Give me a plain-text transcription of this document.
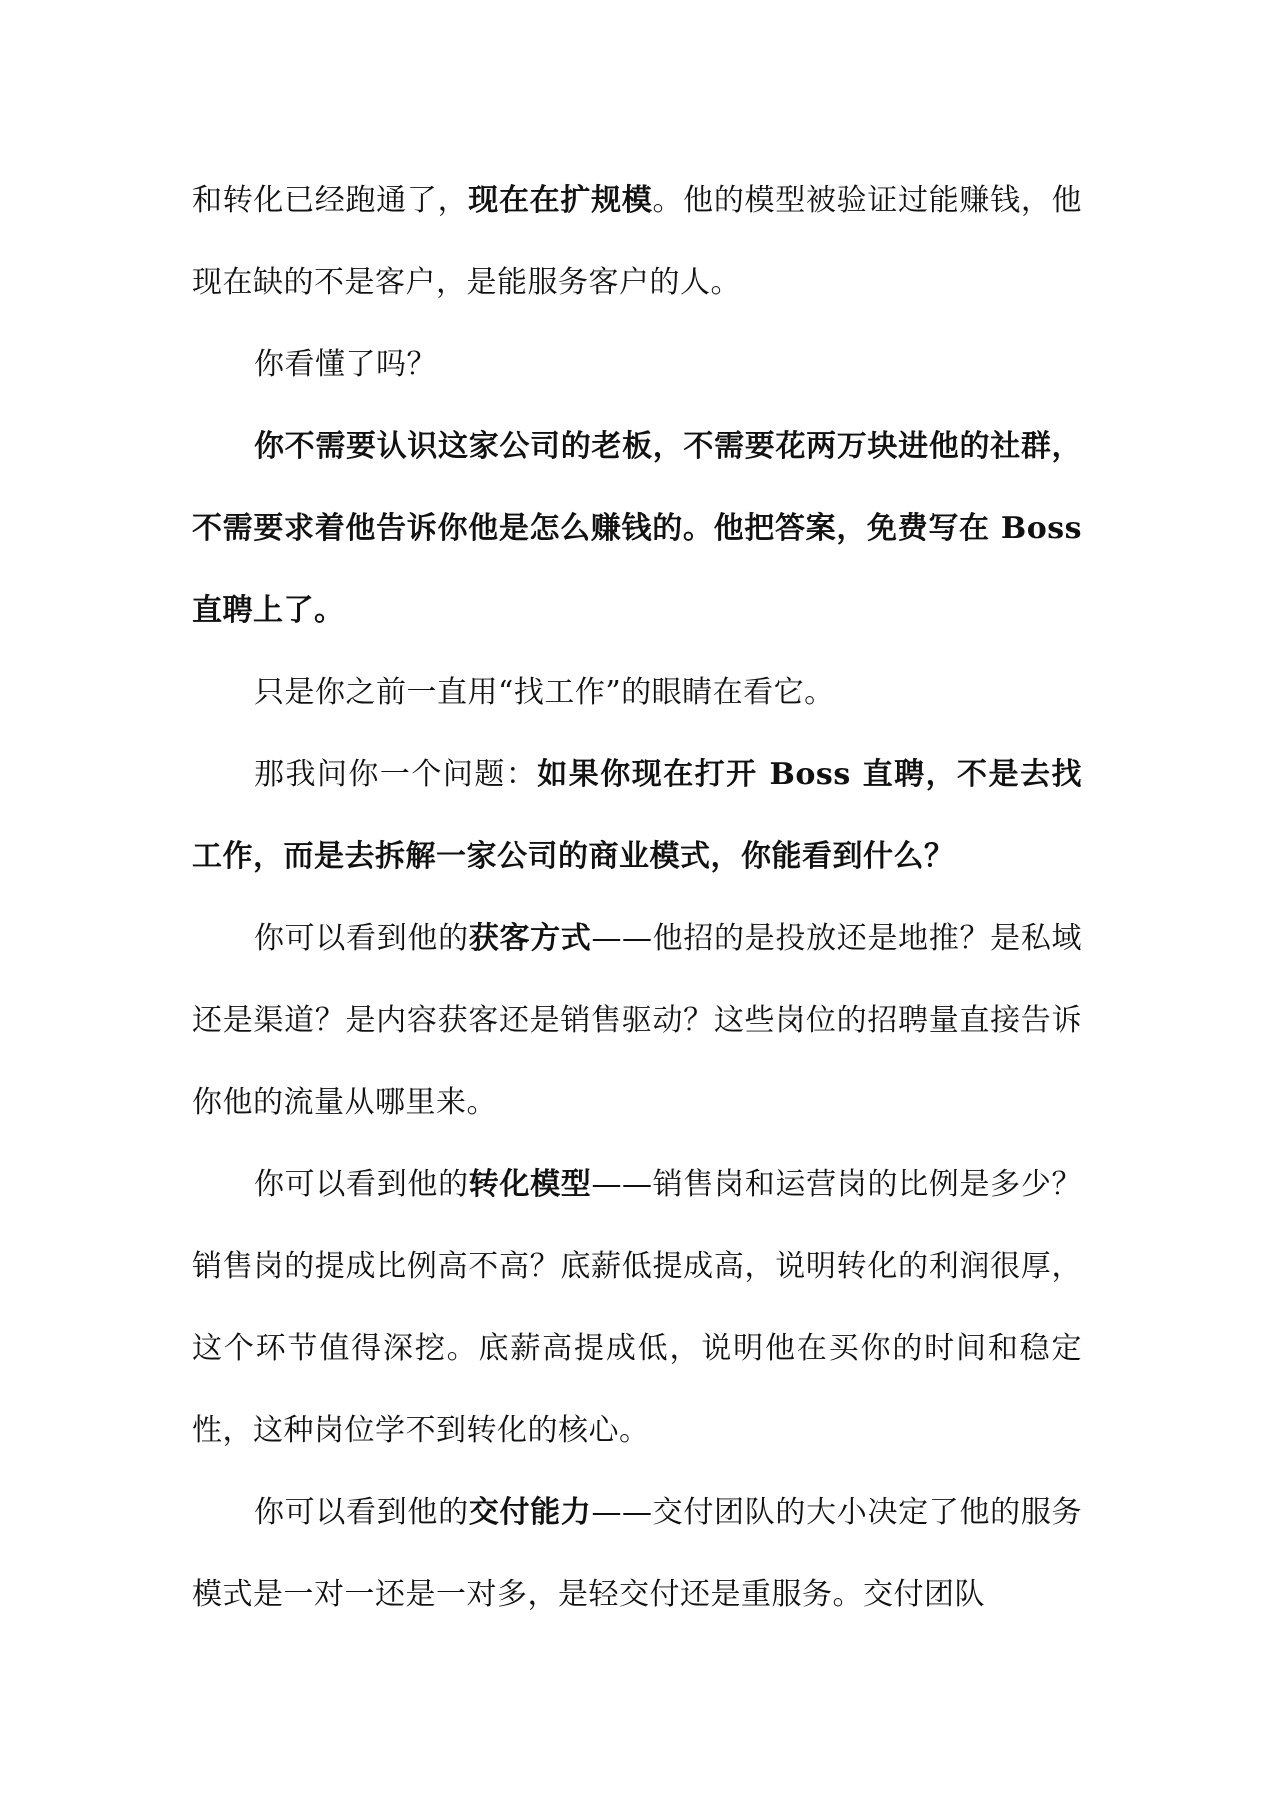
和转化已经跑通了，现在在扩规模。他的模型被验证过能赚钱，他现在缺的不是客户，是能服务客户的人。

你看懂了吗？

你不需要认识这家公司的老板，不需要花两万块进他的社群，不需要求着他告诉你他是怎么赚钱的。他把答案，免费写在 Boss 直聘上了。

只是你之前一直用“找工作”的眼睛在看它。

那我问你一个问题：如果你现在打开 Boss 直聘，不是去找工作，而是去拆解一家公司的商业模式，你能看到什么？

你可以看到他的获客方式——他招的是投放还是地推？是私域还是渠道？是内容获客还是销售驱动？这些岗位的招聘量直接告诉你他的流量从哪里来。

你可以看到他的转化模型——销售岗和运营岗的比例是多少？销售岗的提成比例高不高？底薪低提成高，说明转化的利润很厚，这个环节值得深挖。底薪高提成低，说明他在买你的时间和稳定性，这种岗位学不到转化的核心。

你可以看到他的交付能力——交付团队的大小决定了他的服务模式是一对一还是一对多，是轻交付还是重服务。交付团队
